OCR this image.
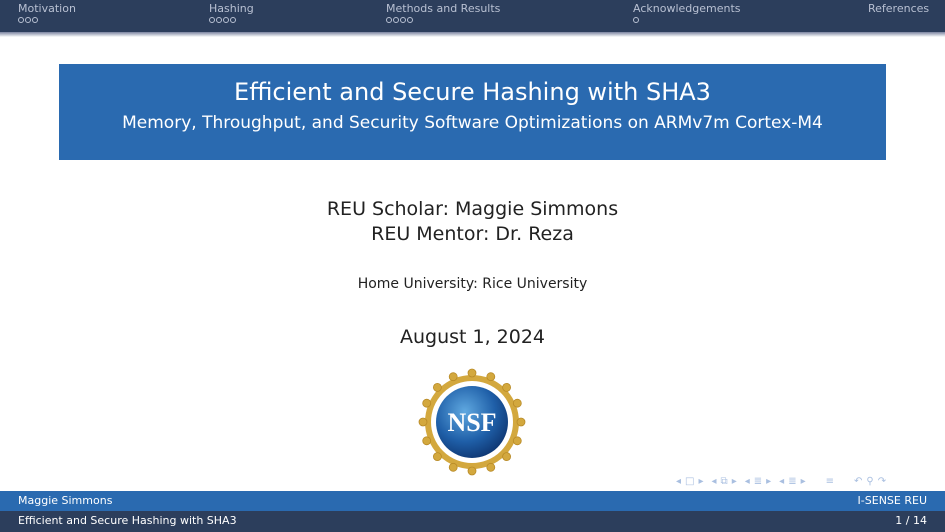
Motivation	Hashing	Methods and Results	Acknowledgements	References
Efficient and Secure Hashing with SHA3
Memory, Throughput, and Security Software Optimizations on ARMv7m Cortex-M4
REU Scholar: Maggie Simmons
REU Mentor: Dr. Reza
Home University: Rice University
August 1, 2024
NSF
◂ □ ▸ ◂ ⧉ ▸ ◂ ≣ ▸ ◂ ≣ ▸ ≡ ↶ ⚲ ↷
Maggie Simmons	I-SENSE REU
Efficient and Secure Hashing with SHA3	1 / 14
